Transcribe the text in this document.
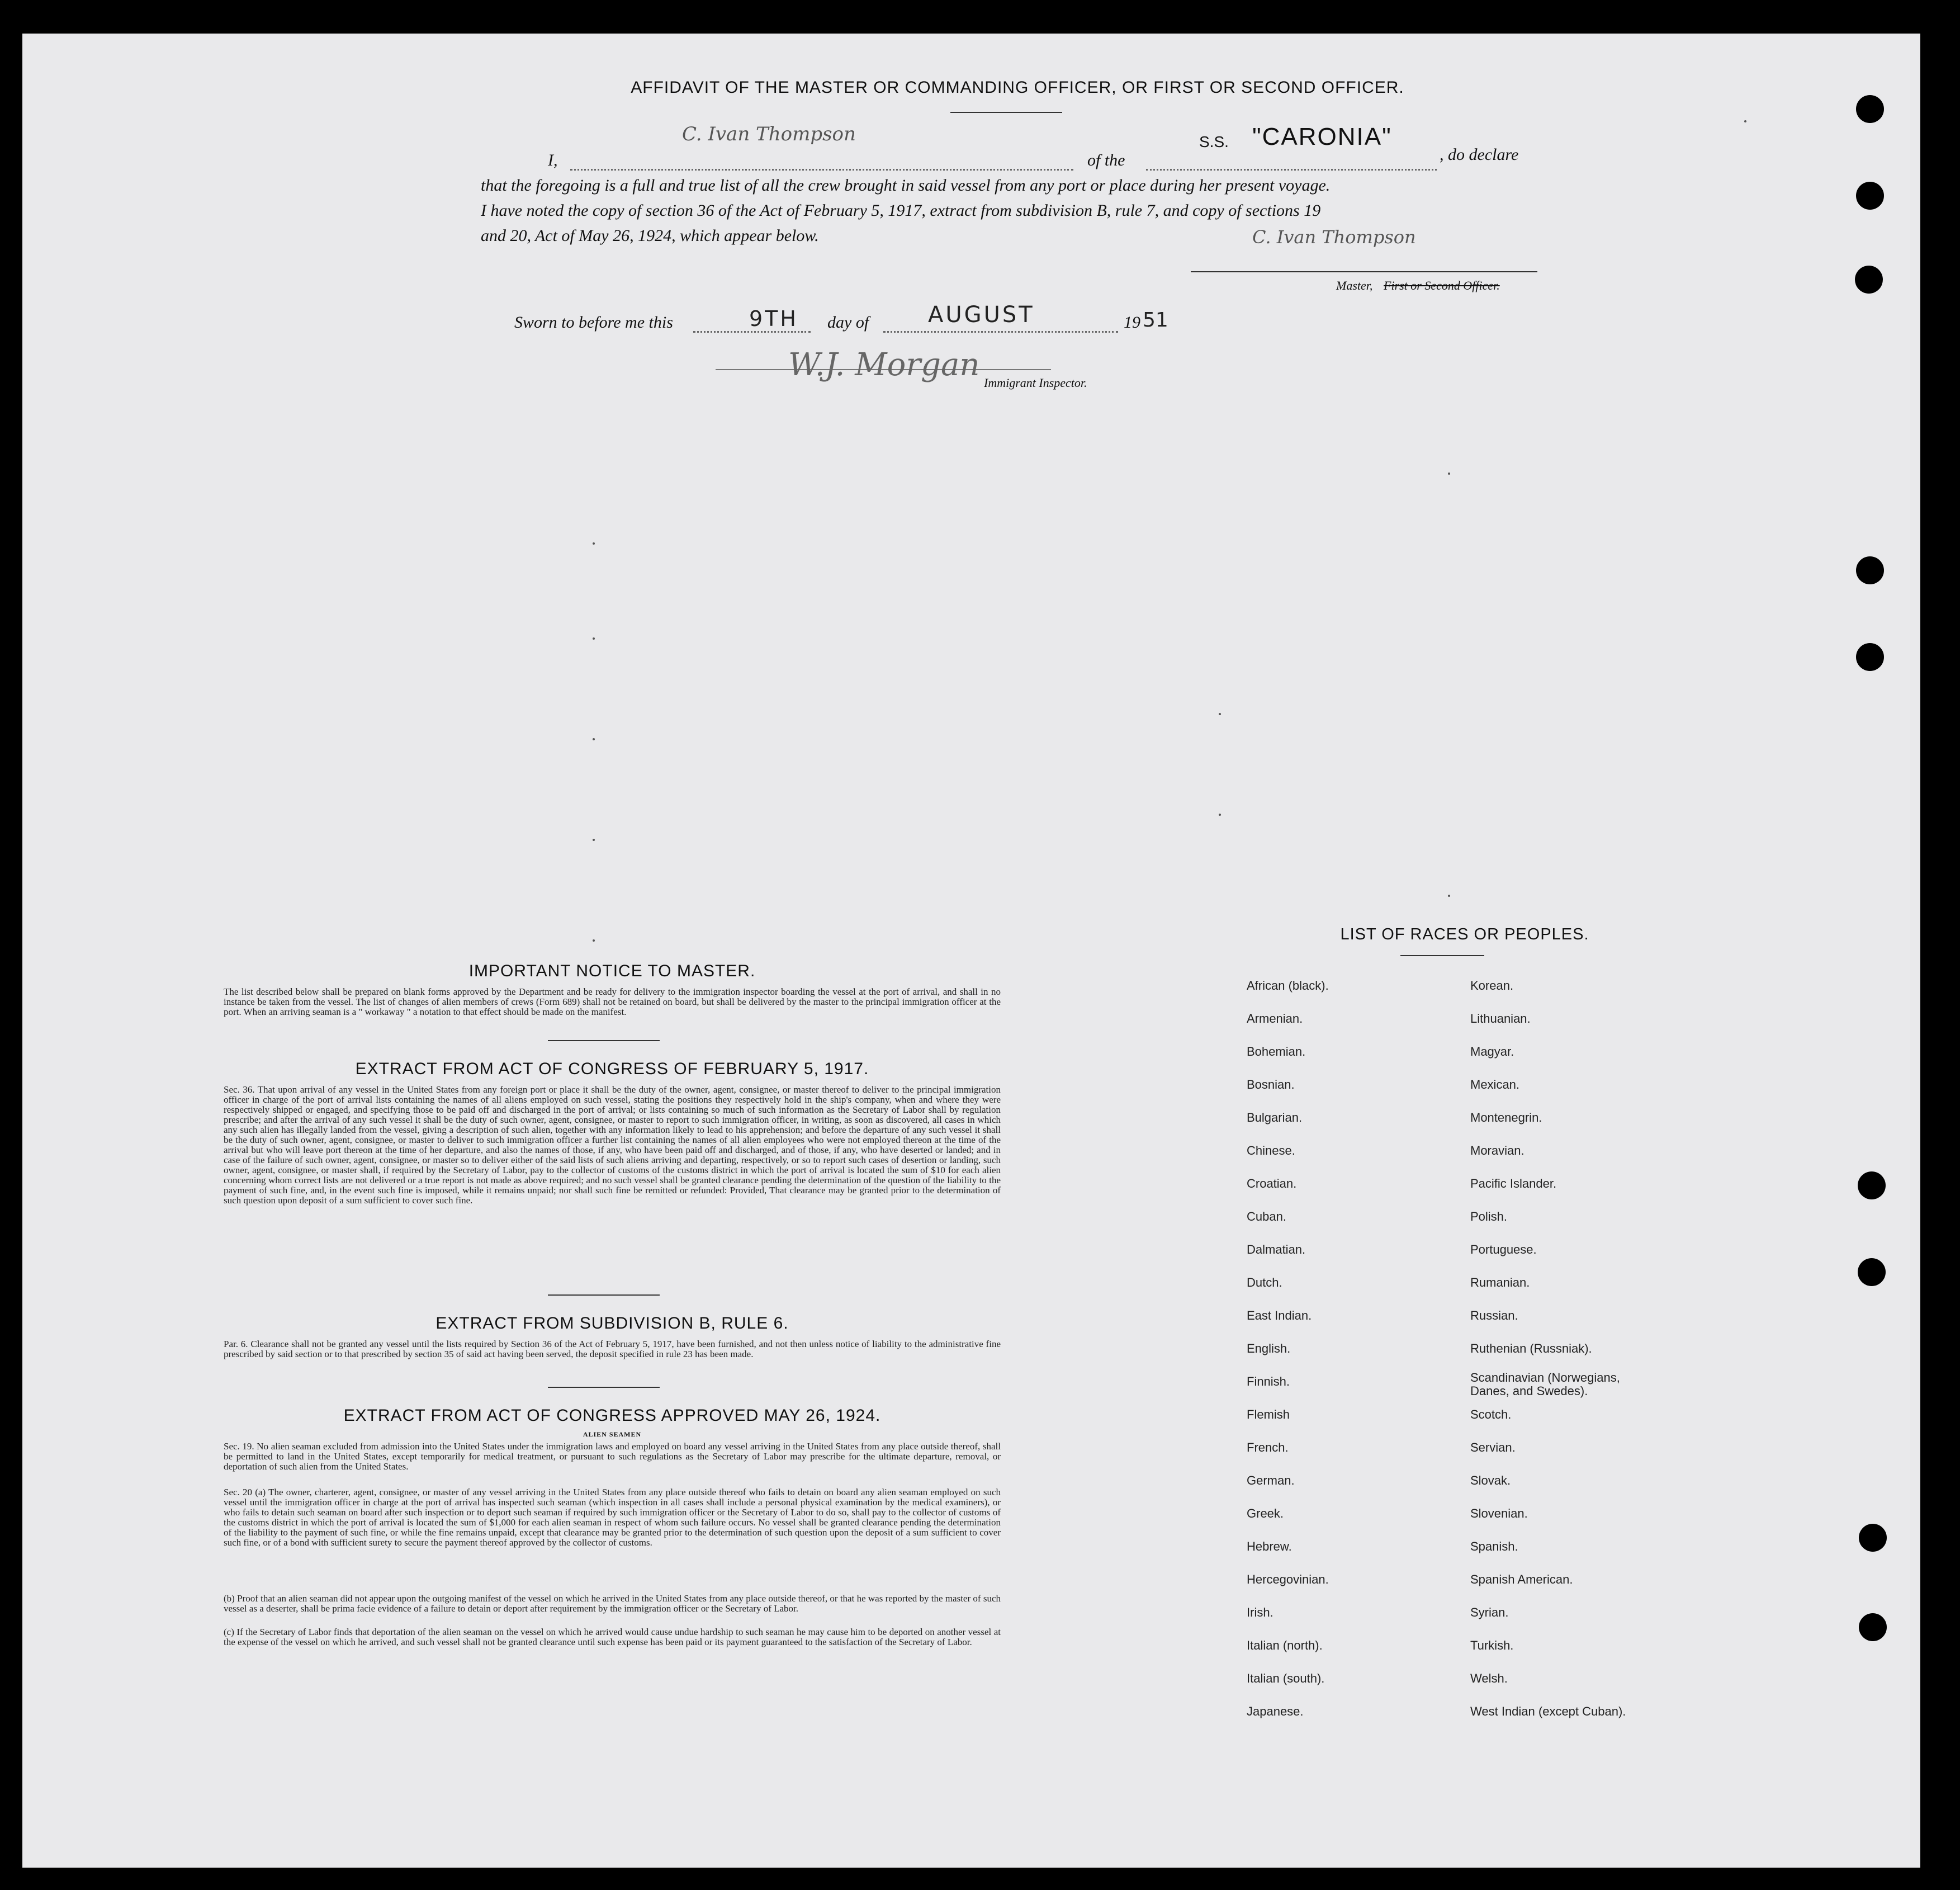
AFFIDAVIT OF THE MASTER OR COMMANDING OFFICER, OR FIRST OR SECOND OFFICER.
I,
C. Ivan Thompson
of the
S.S. "CARONIA"
, do declare
that the foregoing is a full and true list of all the crew brought in said vessel from any port or place during her present voyage.
I have noted the copy of section 36 of the Act of February 5, 1917, extract from subdivision B, rule 7, and copy of sections 19
and 20, Act of May 26, 1924, which appear below.	C. Ivan Thompson
Master, First or Second Officer.
Sworn to before me this	9TH day of	AUGUST	19 51
W.J. Morgan Immigrant Inspector.
IMPORTANT NOTICE TO MASTER.
The list described below shall be prepared on blank forms approved by the Department and be ready for delivery to the immigration inspector boarding the vessel at the port of arrival, and shall in no instance be taken from the vessel. The list of changes of alien members of crews (Form 689) shall not be retained on board, but shall be delivered by the master to the principal immigration officer at the port. When an arriving seaman is a " workaway " a notation to that effect should be made on the manifest.
EXTRACT FROM ACT OF CONGRESS OF FEBRUARY 5, 1917.
Sec. 36. That upon arrival of any vessel in the United States from any foreign port or place it shall be the duty of the owner, agent, consignee, or master thereof to deliver to the principal immigration officer in charge of the port of arrival lists containing the names of all aliens employed on such vessel, stating the positions they respectively hold in the ship's company, when and where they were respectively shipped or engaged, and specifying those to be paid off and discharged in the port of arrival; or lists containing so much of such information as the Secretary of Labor shall by regulation prescribe; and after the arrival of any such vessel it shall be the duty of such owner, agent, consignee, or master to report to such immigration officer, in writing, as soon as discovered, all cases in which any such alien has illegally landed from the vessel, giving a description of such alien, together with any information likely to lead to his apprehension; and before the departure of any such vessel it shall be the duty of such owner, agent, consignee, or master to deliver to such immigration officer a further list containing the names of all alien employees who were not employed thereon at the time of the arrival but who will leave port thereon at the time of her departure, and also the names of those, if any, who have been paid off and discharged, and of those, if any, who have deserted or landed; and in case of the failure of such owner, agent, consignee, or master so to deliver either of the said lists of such aliens arriving and departing, respectively, or so to report such cases of desertion or landing, such owner, agent, consignee, or master shall, if required by the Secretary of Labor, pay to the collector of customs of the customs district in which the port of arrival is located the sum of $10 for each alien concerning whom correct lists are not delivered or a true report is not made as above required; and no such vessel shall be granted clearance pending the determination of the question of the liability to the payment of such fine, and, in the event such fine is imposed, while it remains unpaid; nor shall such fine be remitted or refunded: Provided, That clearance may be granted prior to the determination of such question upon deposit of a sum sufficient to cover such fine.
EXTRACT FROM SUBDIVISION B, RULE 6.
Par. 6. Clearance shall not be granted any vessel until the lists required by Section 36 of the Act of February 5, 1917, have been furnished, and not then unless notice of liability to the administrative fine prescribed by said section or to that prescribed by section 35 of said act having been served, the deposit specified in rule 23 has been made.
EXTRACT FROM ACT OF CONGRESS APPROVED MAY 26, 1924.
ALIEN SEAMEN
Sec. 19. No alien seaman excluded from admission into the United States under the immigration laws and employed on board any vessel arriving in the United States from any place outside thereof, shall be permitted to land in the United States, except temporarily for medical treatment, or pursuant to such regulations as the Secretary of Labor may prescribe for the ultimate departure, removal, or deportation of such alien from the United States.
Sec. 20 (a) The owner, charterer, agent, consignee, or master of any vessel arriving in the United States from any place outside thereof who fails to detain on board any alien seaman employed on such vessel until the immigration officer in charge at the port of arrival has inspected such seaman (which inspection in all cases shall include a personal physical examination by the medical examiners), or who fails to detain such seaman on board after such inspection or to deport such seaman if required by such immigration officer or the Secretary of Labor to do so, shall pay to the collector of customs of the customs district in which the port of arrival is located the sum of $1,000 for each alien seaman in respect of whom such failure occurs. No vessel shall be granted clearance pending the determination of the liability to the payment of such fine, or while the fine remains unpaid, except that clearance may be granted prior to the determination of such question upon the deposit of a sum sufficient to cover such fine, or of a bond with sufficient surety to secure the payment thereof approved by the collector of customs.
(b) Proof that an alien seaman did not appear upon the outgoing manifest of the vessel on which he arrived in the United States from any place outside thereof, or that he was reported by the master of such vessel as a deserter, shall be prima facie evidence of a failure to detain or deport after requirement by the immigration officer or the Secretary of Labor.
(c) If the Secretary of Labor finds that deportation of the alien seaman on the vessel on which he arrived would cause undue hardship to such seaman he may cause him to be deported on another vessel at the expense of the vessel on which he arrived, and such vessel shall not be granted clearance until such expense has been paid or its payment guaranteed to the satisfaction of the Secretary of Labor.
LIST OF RACES OR PEOPLES.
African (black).
Armenian.
Bohemian.
Bosnian.
Bulgarian.
Chinese.
Croatian.
Cuban.
Dalmatian.
Dutch.
East Indian.
English.
Finnish.
Flemish
French.
German.
Greek.
Hebrew.
Hercegovinian.
Irish.
Italian (north).
Italian (south).
Japanese.
Korean.
Lithuanian.
Magyar.
Mexican.
Montenegrin.
Moravian.
Pacific Islander.
Polish.
Portuguese.
Rumanian.
Russian.
Ruthenian (Russniak).
Scandinavian (Norwegians, Danes, and Swedes).
Scotch.
Servian.
Slovak.
Slovenian.
Spanish.
Spanish American.
Syrian.
Turkish.
Welsh.
West Indian (except Cuban).
